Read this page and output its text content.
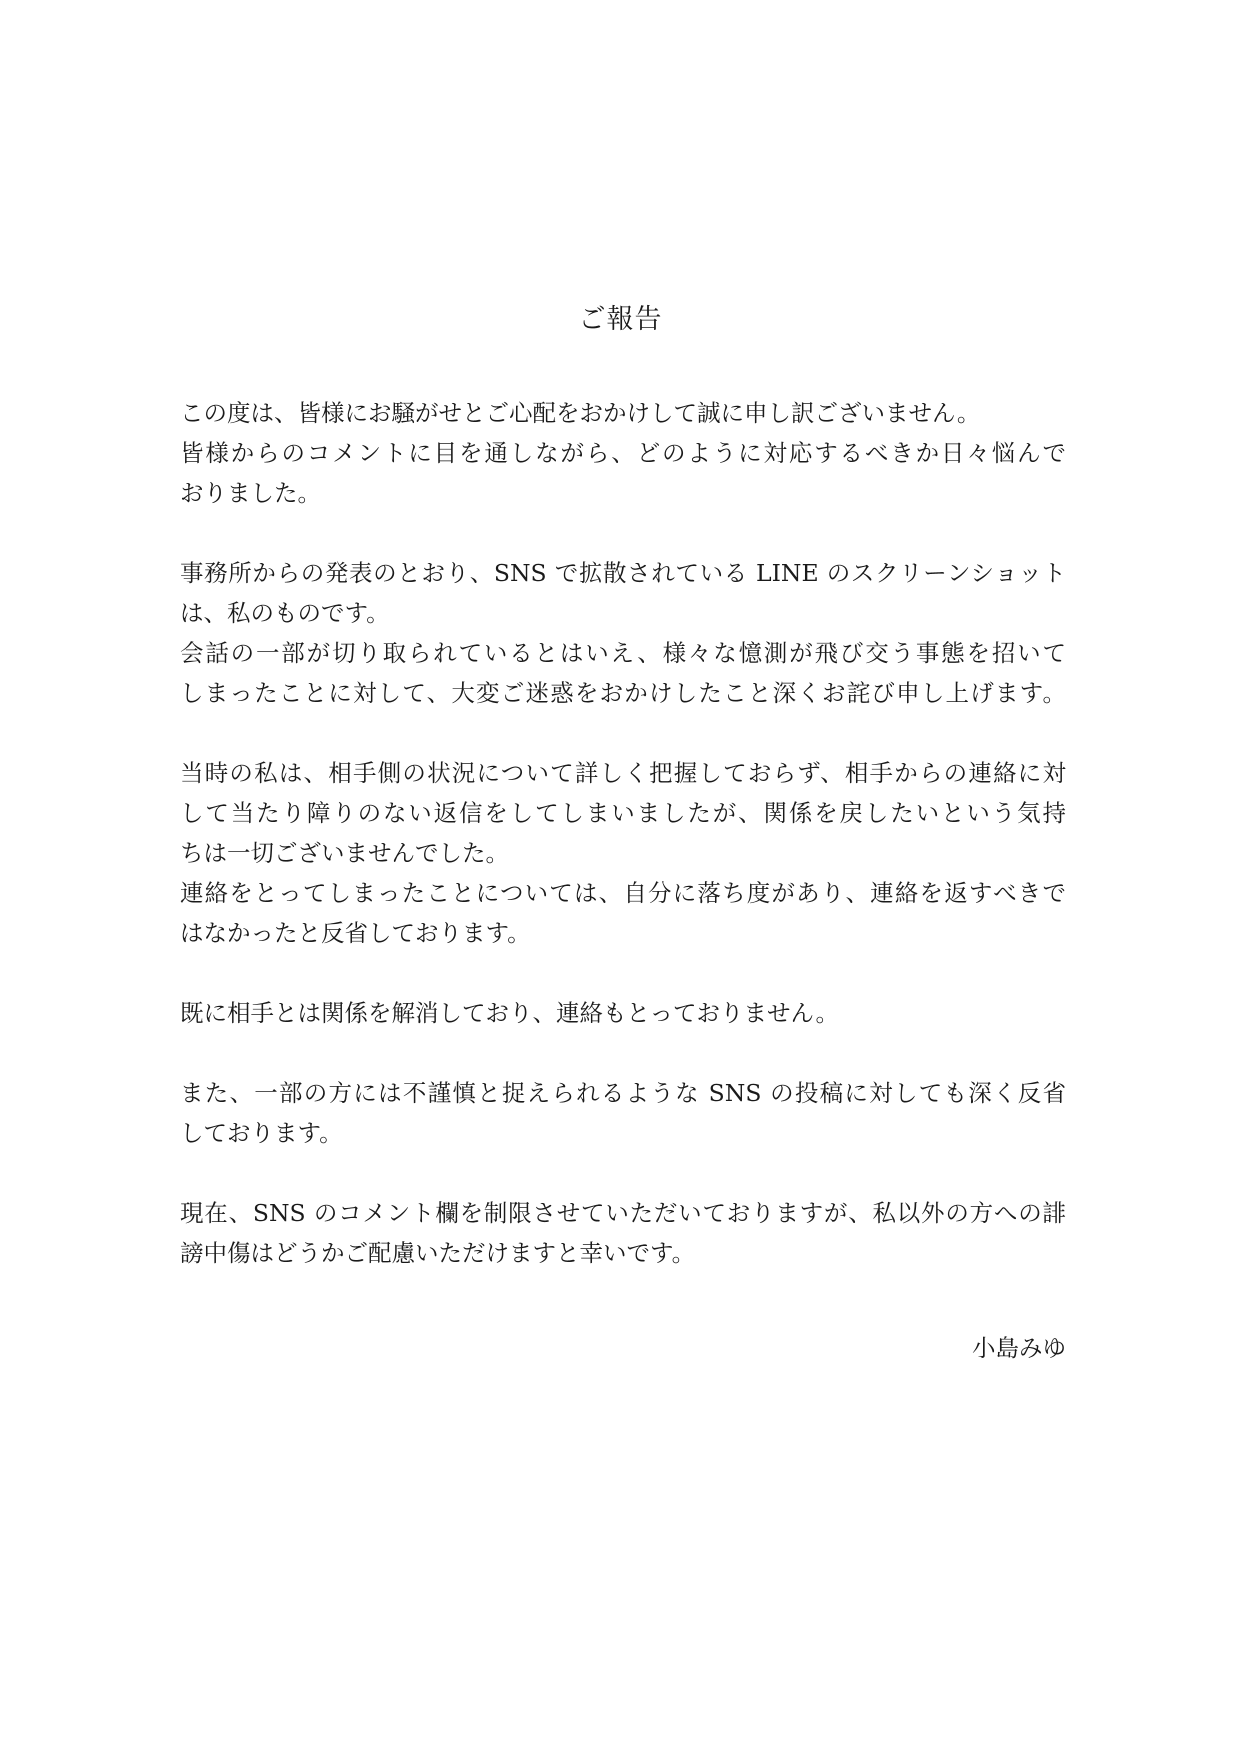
ご報告
この度は、皆様にお騒がせとご心配をおかけして誠に申し訳ございません。
皆様からのコメントに目を通しながら、どのように対応するべきか日々悩んで
おりました。
事務所からの発表のとおり、SNS で拡散されている LINE のスクリーンショット
は、私のものです。
会話の一部が切り取られているとはいえ、様々な憶測が飛び交う事態を招いて
しまったことに対して、大変ご迷惑をおかけしたこと深くお詫び申し上げます。
当時の私は、相手側の状況について詳しく把握しておらず、相手からの連絡に対
して当たり障りのない返信をしてしまいましたが、関係を戻したいという気持
ちは一切ございませんでした。
連絡をとってしまったことについては、自分に落ち度があり、連絡を返すべきで
はなかったと反省しております。
既に相手とは関係を解消しており、連絡もとっておりません。
また、一部の方には不謹慎と捉えられるような SNS の投稿に対しても深く反省
しております。
現在、SNS のコメント欄を制限させていただいておりますが、私以外の方への誹
謗中傷はどうかご配慮いただけますと幸いです。
小島みゆ
